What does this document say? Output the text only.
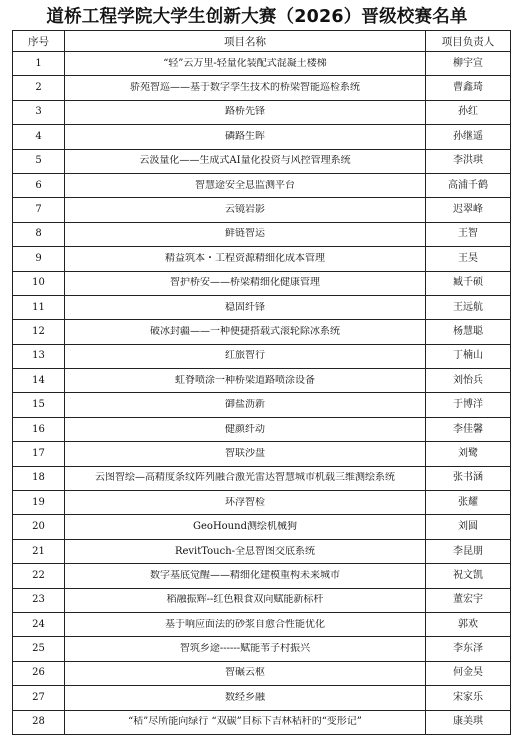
道桥工程学院大学生创新大赛（2026）晋级校赛名单
序号	项目名称	项目负责人
1	“轻”云万里-轻量化装配式混凝土楼梯	柳宇宣
2	骄苑智巡——基于数字孪生技术的桥梁智能巡检系统	曹鑫琦
3	路桥先锋	孙红
4	磷路生晖	孙继遥
5	云汲量化——生成式AI量化投资与风控管理系统	李洪琪
6	智慧途安全息监测平台	高浦千鹤
7	云镜岩影	迟翠峰
8	鲜链智运	王智
9	精益筑本・工程资源精细化成本管理	王昊
10	智护桥安——桥梁精细化健康管理	臧千硕
11	稳固纤锋	王远航
12	破冰封疆——一种便捷搭载式滚轮除冰系统	杨慧聪
13	红旅智行	丁楠山
14	虹脊喷涂一种桥梁道路喷涂设备	刘怡兵
15	御盐沥新	于博洋
16	健颜纤动	李佳馨
17	智联沙盘	刘鹭
18	云图智绘—高精度条纹阵列融合激光雷达智慧城市机载三维测绘系统	张书涵
19	环浮智检	张耀
20	GeoHound测绘机械狗	刘圆
21	RevitTouch-全息智图交底系统	李昆朋
22	数字基底觉醒——精细化建模重构未来城市	祝文凯
23	稻融振辉--红色粮食双向赋能新标杆	董宏宇
24	基于响应面法的砂浆自愈合性能优化	郭欢
25	智筑乡途------赋能苇子村振兴	李东泽
26	智碾云枢	何金昊
27	数经乡融	宋家乐
28	“秸”尽所能向绿行 “双碳”目标下吉林秸秆的“变形记”	康美琪
